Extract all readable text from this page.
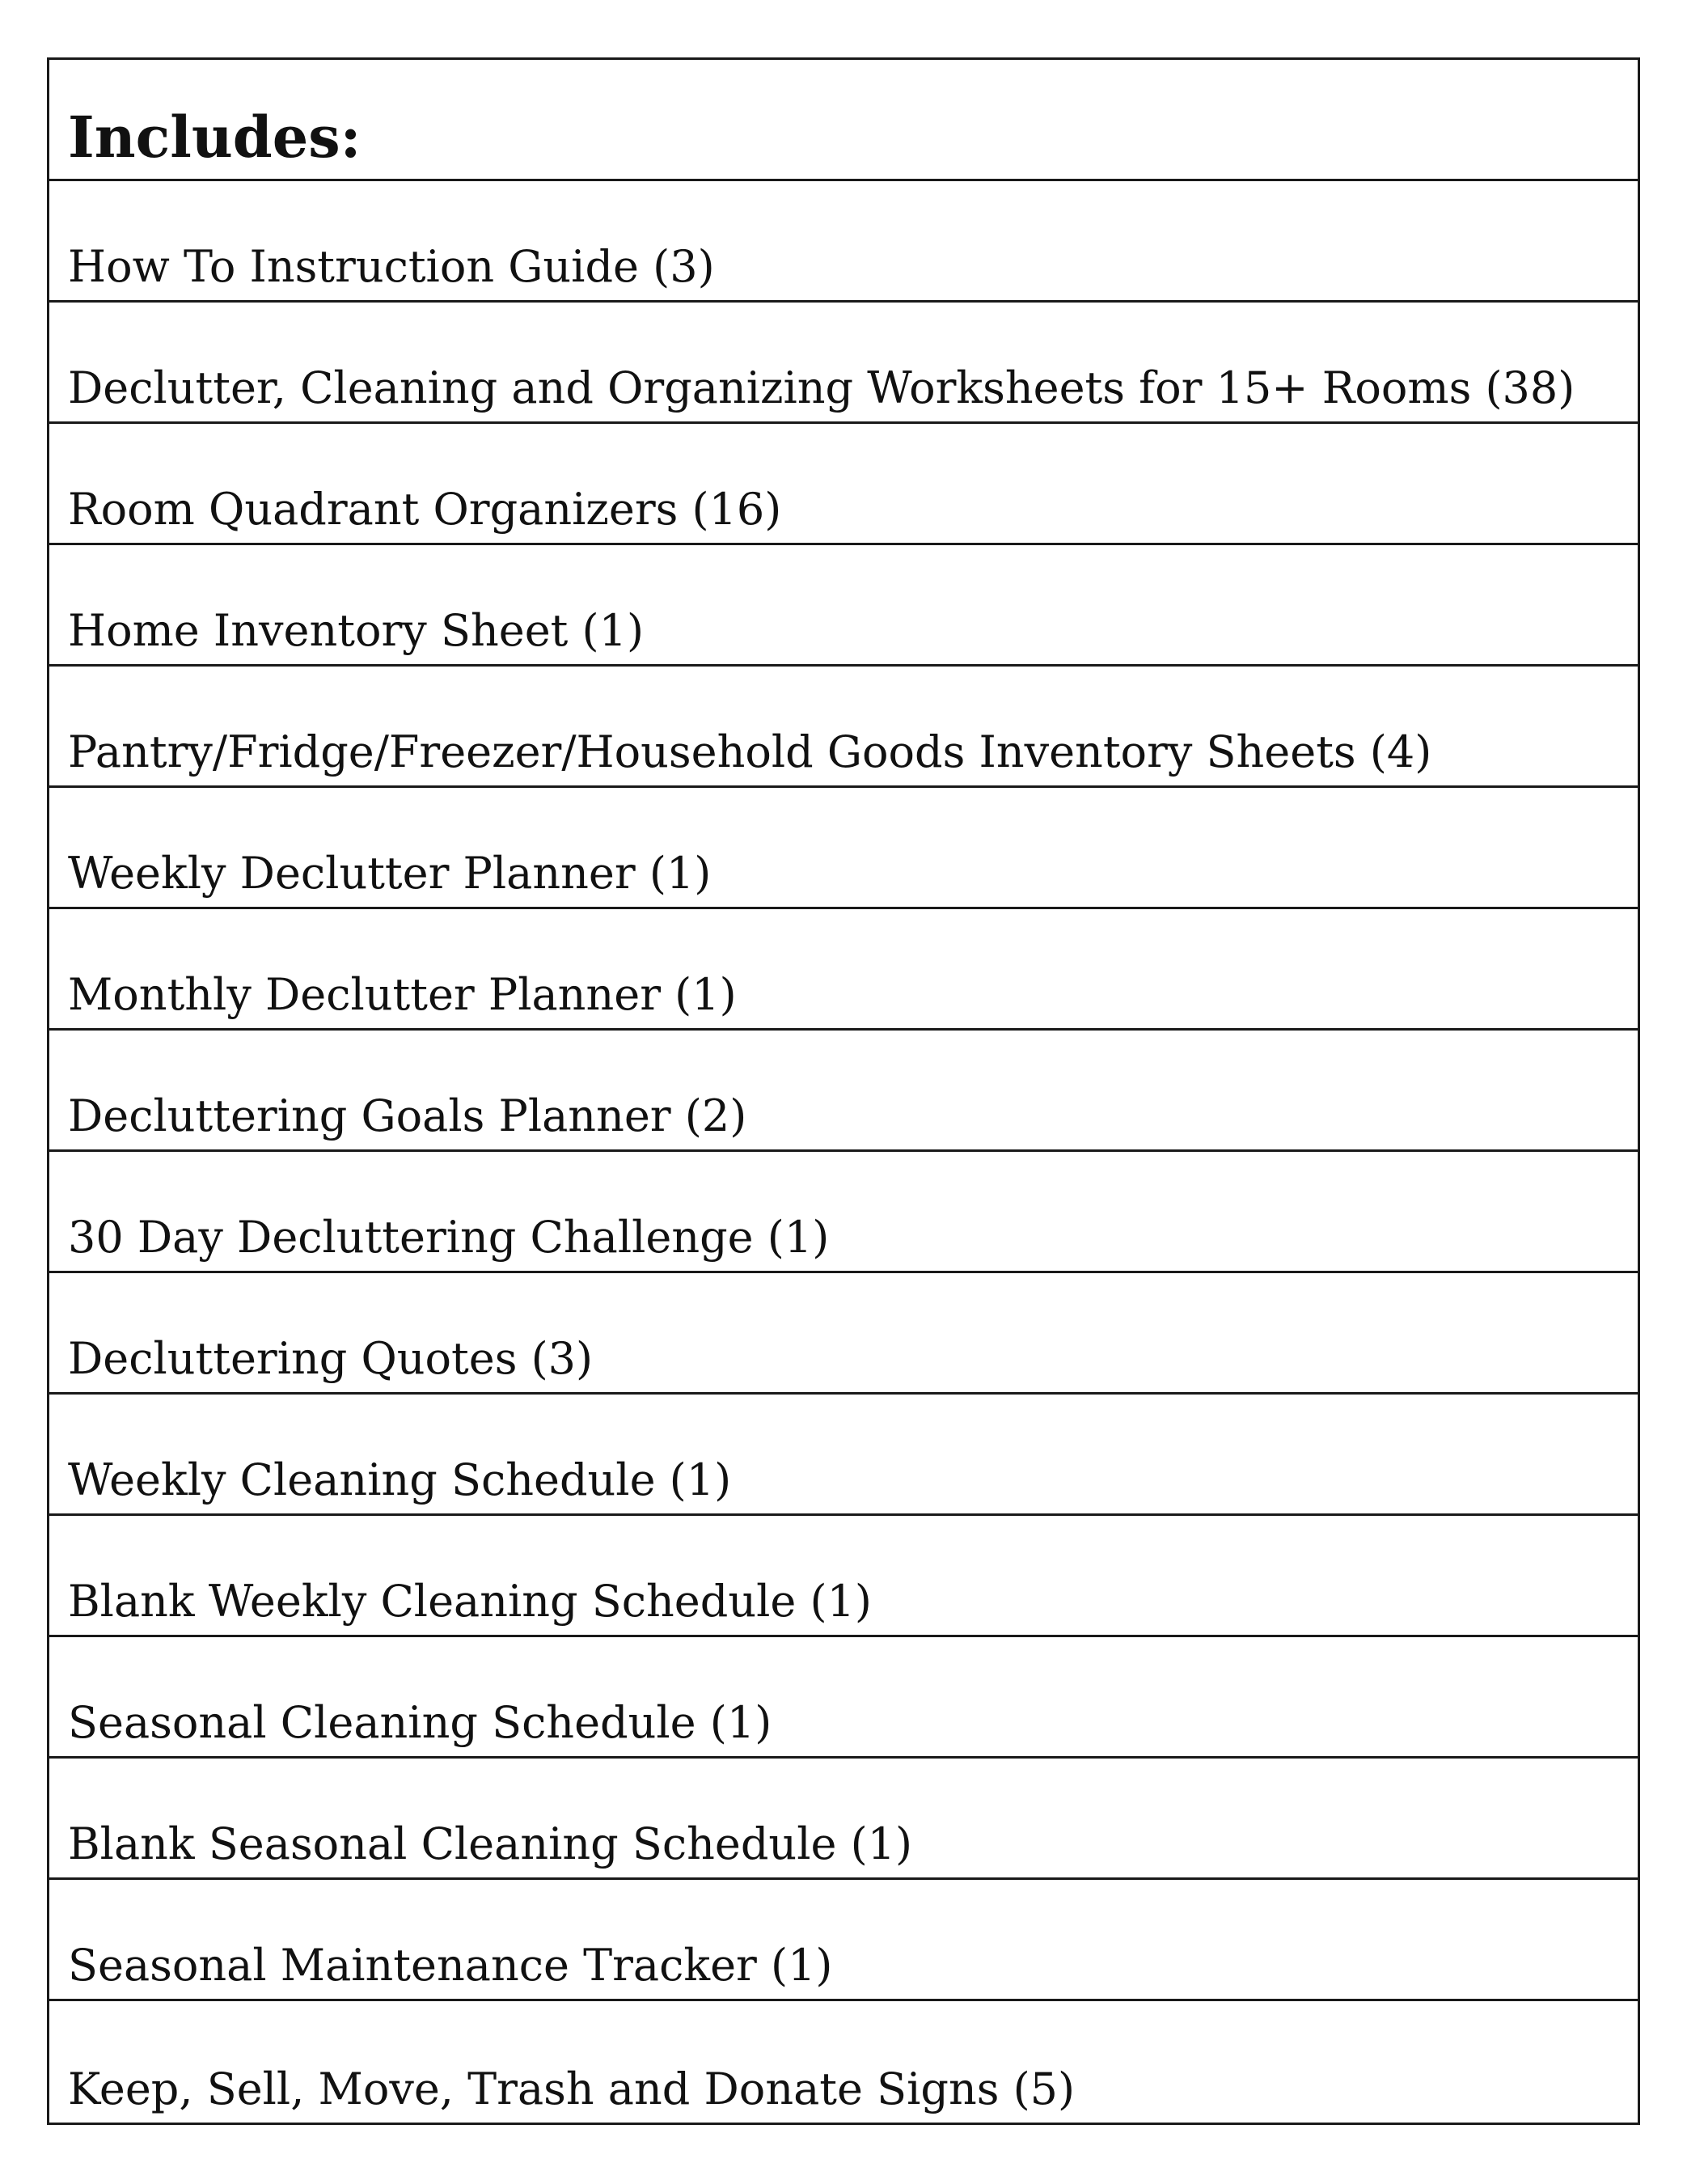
Includes:
How To Instruction Guide (3)
Declutter, Cleaning and Organizing Worksheets for 15+ Rooms (38)
Room Quadrant Organizers (16)
Home Inventory Sheet (1)
Pantry/Fridge/Freezer/Household Goods Inventory Sheets (4)
Weekly Declutter Planner (1)
Monthly Declutter Planner (1)
Decluttering Goals Planner (2)
30 Day Decluttering Challenge (1)
Decluttering Quotes (3)
Weekly Cleaning Schedule (1)
Blank Weekly Cleaning Schedule (1)
Seasonal Cleaning Schedule (1)
Blank Seasonal Cleaning Schedule (1)
Seasonal Maintenance Tracker (1)
Keep, Sell, Move, Trash and Donate Signs (5)
